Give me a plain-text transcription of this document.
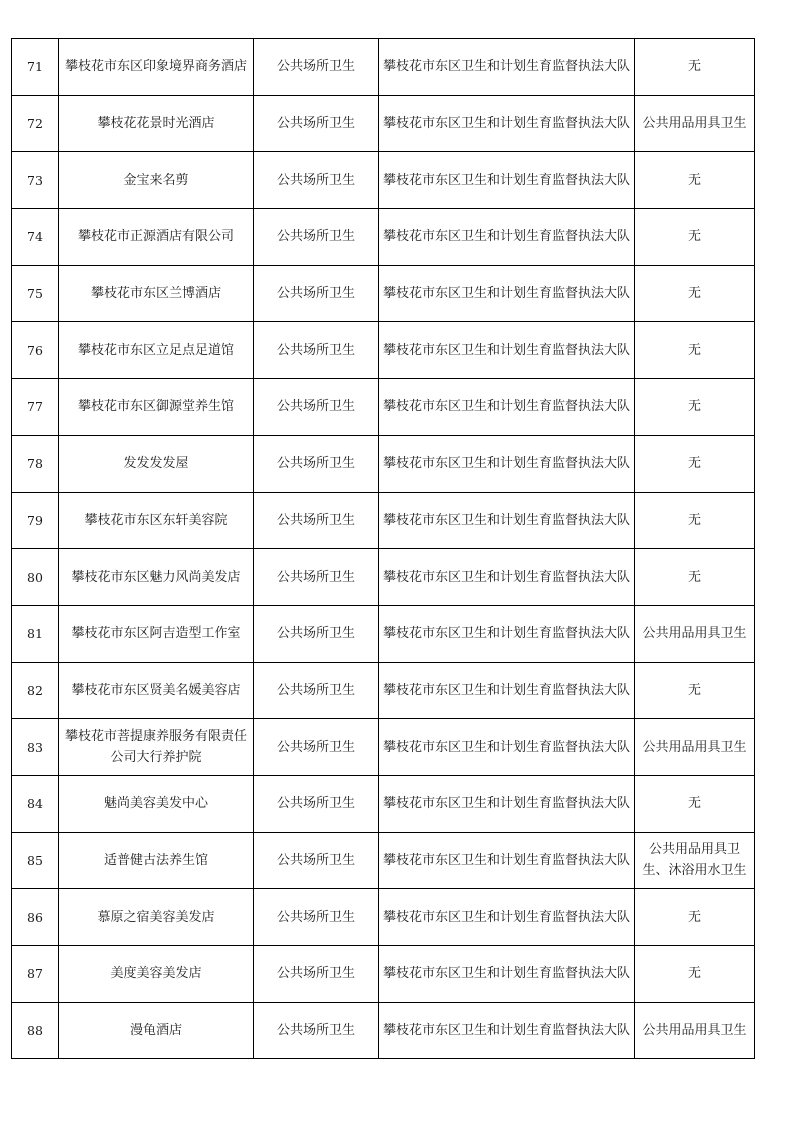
71	攀枝花市东区印象境界商务酒店	公共场所卫生	攀枝花市东区卫生和计划生育监督执法大队	无
72	攀枝花花景时光酒店	公共场所卫生	攀枝花市东区卫生和计划生育监督执法大队	公共用品用具卫生
73	金宝来名剪	公共场所卫生	攀枝花市东区卫生和计划生育监督执法大队	无
74	攀枝花市正源酒店有限公司	公共场所卫生	攀枝花市东区卫生和计划生育监督执法大队	无
75	攀枝花市东区兰博酒店	公共场所卫生	攀枝花市东区卫生和计划生育监督执法大队	无
76	攀枝花市东区立足点足道馆	公共场所卫生	攀枝花市东区卫生和计划生育监督执法大队	无
77	攀枝花市东区御源堂养生馆	公共场所卫生	攀枝花市东区卫生和计划生育监督执法大队	无
78	发发发发屋	公共场所卫生	攀枝花市东区卫生和计划生育监督执法大队	无
79	攀枝花市东区东轩美容院	公共场所卫生	攀枝花市东区卫生和计划生育监督执法大队	无
80	攀枝花市东区魅力风尚美发店	公共场所卫生	攀枝花市东区卫生和计划生育监督执法大队	无
81	攀枝花市东区阿吉造型工作室	公共场所卫生	攀枝花市东区卫生和计划生育监督执法大队	公共用品用具卫生
82	攀枝花市东区贤美名媛美容店	公共场所卫生	攀枝花市东区卫生和计划生育监督执法大队	无
83	攀枝花市菩提康养服务有限责任公司大行养护院	公共场所卫生	攀枝花市东区卫生和计划生育监督执法大队	公共用品用具卫生
84	魅尚美容美发中心	公共场所卫生	攀枝花市东区卫生和计划生育监督执法大队	无
85	适普健古法养生馆	公共场所卫生	攀枝花市东区卫生和计划生育监督执法大队	公共用品用具卫生、沐浴用水卫生
86	慕原之宿美容美发店	公共场所卫生	攀枝花市东区卫生和计划生育监督执法大队	无
87	美度美容美发店	公共场所卫生	攀枝花市东区卫生和计划生育监督执法大队	无
88	漫龟酒店	公共场所卫生	攀枝花市东区卫生和计划生育监督执法大队	公共用品用具卫生
